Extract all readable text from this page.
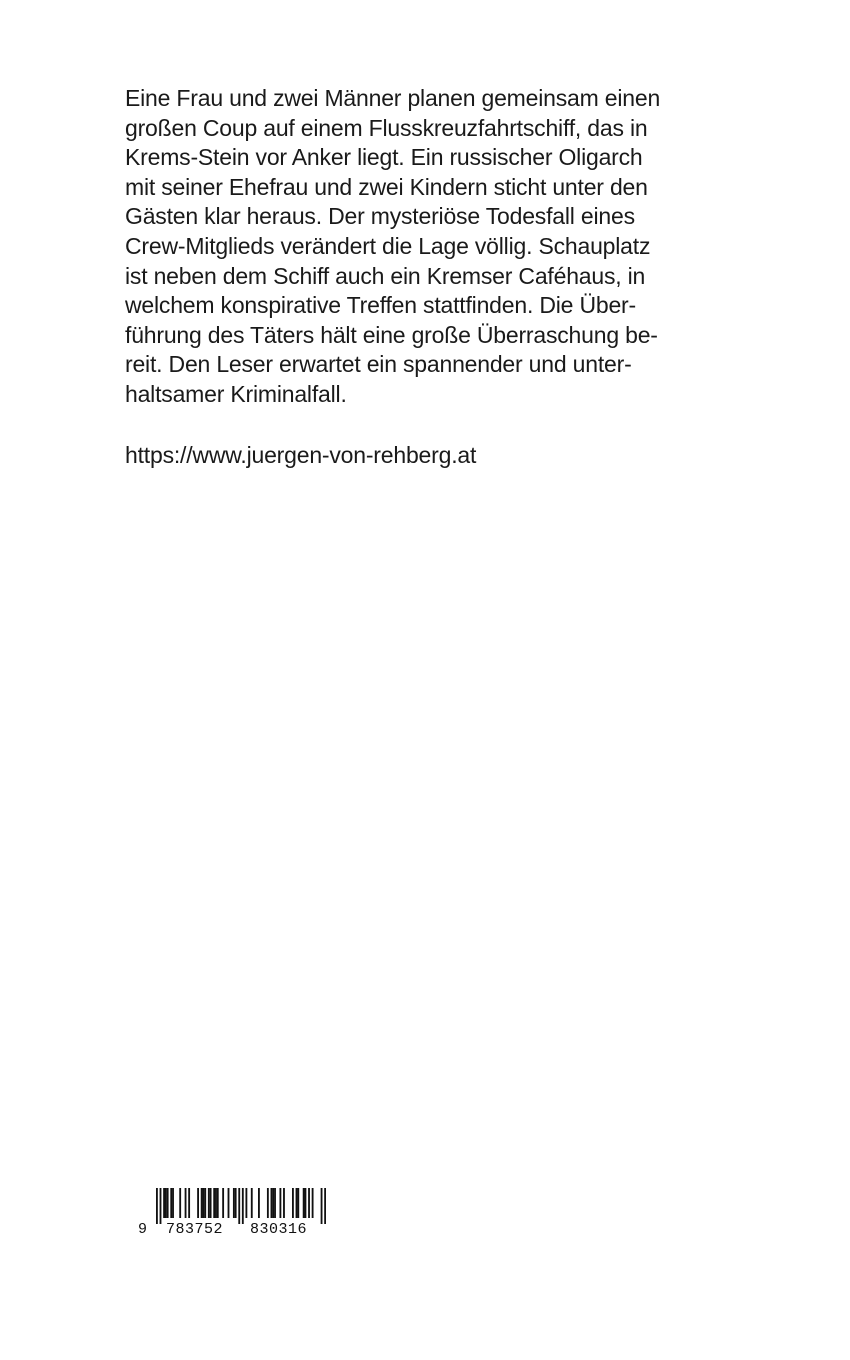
Eine Frau und zwei Männer planen gemeinsam einen
großen Coup auf einem Flusskreuzfahrtschiff, das in
Krems-Stein vor Anker liegt. Ein russischer Oligarch
mit seiner Ehefrau und zwei Kindern sticht unter den
Gästen klar heraus. Der mysteriöse Todesfall eines
Crew-Mitglieds verändert die Lage völlig. Schauplatz
ist neben dem Schiff auch ein Kremser Caféhaus, in
welchem konspirative Treffen stattfinden. Die Über-
führung des Täters hält eine große Überraschung be-
reit. Den Leser erwartet ein spannender und unter-
haltsamer Kriminalfall.

https://www.juergen-von-rehberg.at

9 783752 830316
